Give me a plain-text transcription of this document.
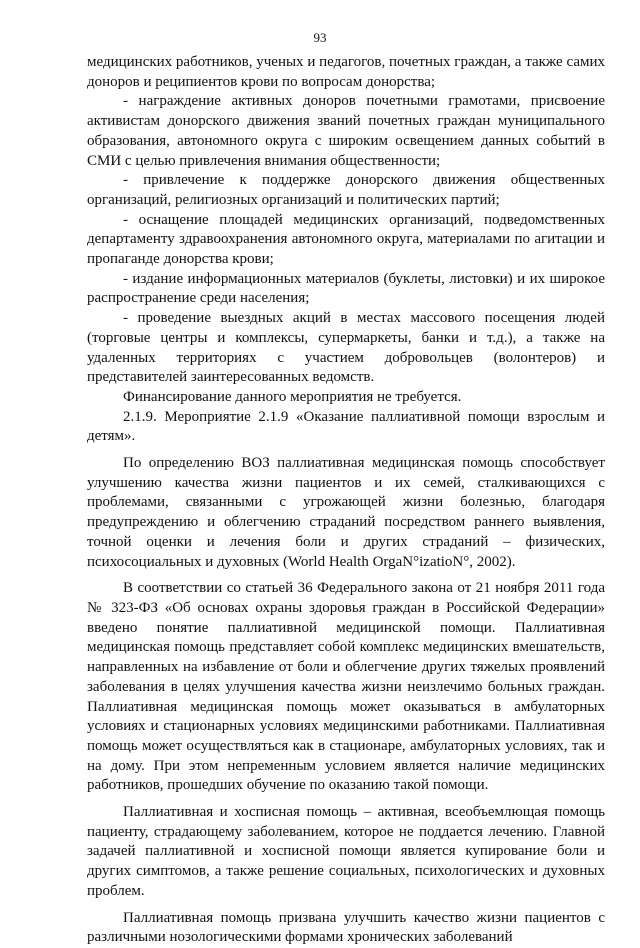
93

медицинских работников, ученых и педагогов, почетных граждан, а также самих доноров и реципиентов крови по вопросам донорства;

- награждение активных доноров почетными грамотами, присвоение активистам донорского движения званий почетных граждан муниципального образования, автономного округа с широким освещением данных событий в СМИ с целью привлечения внимания общественности;

- привлечение к поддержке донорского движения общественных организаций, религиозных организаций и политических партий;

- оснащение площадей медицинских организаций, подведомственных департаменту здравоохранения автономного округа, материалами по агитации и пропаганде донорства крови;

- издание информационных материалов (буклеты, листовки) и их широкое распространение среди населения;

- проведение выездных акций в местах массового посещения людей (торговые центры и комплексы, супермаркеты, банки и т.д.), а также на удаленных территориях с участием добровольцев (волонтеров) и представителей заинтересованных ведомств.

Финансирование данного мероприятия не требуется.

2.1.9. Мероприятие 2.1.9 «Оказание паллиативной помощи взрослым и детям».

По определению ВОЗ паллиативная медицинская помощь способствует улучшению качества жизни пациентов и их семей, сталкивающихся с проблемами, связанными с угрожающей жизни болезнью, благодаря предупреждению и облегчению страданий посредством раннего выявления, точной оценки и лечения боли и других страданий – физических, психосоциальных и духовных (World Health OrgaN°izatioN°, 2002).

В соответствии со статьей 36 Федерального закона от 21 ноября 2011 года № 323-ФЗ «Об основах охраны здоровья граждан в Российской Федерации» введено понятие паллиативной медицинской помощи. Паллиативная медицинская помощь представляет собой комплекс медицинских вмешательств, направленных на избавление от боли и облегчение других тяжелых проявлений заболевания в целях улучшения качества жизни неизлечимо больных граждан. Паллиативная медицинская помощь может оказываться в амбулаторных условиях и стационарных условиях медицинскими работниками. Паллиативная помощь может осуществляться как в стационаре, амбулаторных условиях, так и на дому. При этом непременным условием является наличие медицинских работников, прошедших обучение по оказанию такой помощи.

Паллиативная и хосписная помощь – активная, всеобъемлющая помощь пациенту, страдающему заболеванием, которое не поддается лечению. Главной задачей паллиативной и хосписной помощи является купирование боли и других симптомов, а также решение социальных, психологических и духовных проблем.

Паллиативная помощь призвана улучшить качество жизни пациентов с различными нозологическими формами хронических заболеваний
